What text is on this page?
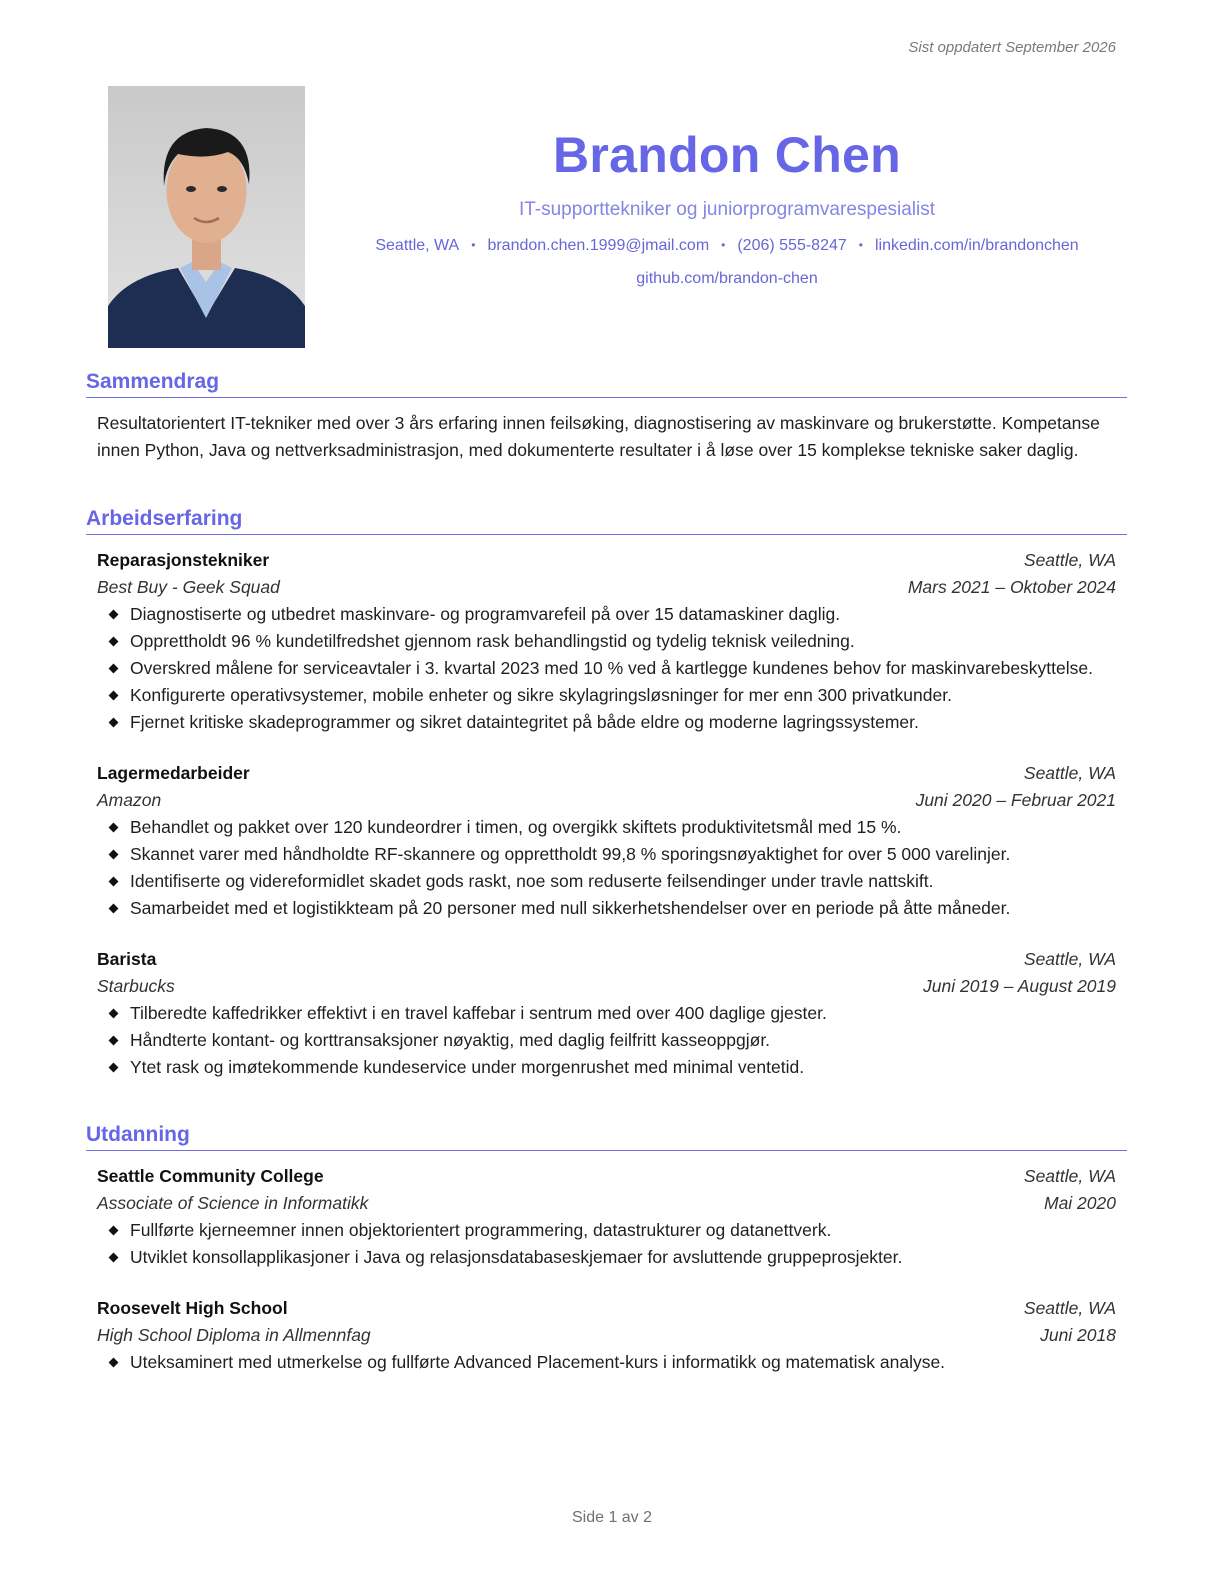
Sist oppdatert September 2026
Brandon Chen
IT-supporttekniker og juniorprogramvarespesialist
Seattle, WA • brandon.chen.1999@jmail.com • (206) 555-8247 • linkedin.com/in/brandonchen
github.com/brandon-chen
Sammendrag
Resultatorientert IT-tekniker med over 3 års erfaring innen feilsøking, diagnostisering av maskinvare og brukerstøtte. Kompetanse innen Python, Java og nettverksadministrasjon, med dokumenterte resultater i å løse over 15 komplekse tekniske saker daglig.
Arbeidserfaring
Reparasjonstekniker	Seattle, WA
Best Buy - Geek Squad	Mars 2021 – Oktober 2024
Diagnostiserte og utbedret maskinvare- og programvarefeil på over 15 datamaskiner daglig.
Opprettholdt 96 % kundetilfredshet gjennom rask behandlingstid og tydelig teknisk veiledning.
Overskred målene for serviceavtaler i 3. kvartal 2023 med 10 % ved å kartlegge kundenes behov for maskinvarebeskyttelse.
Konfigurerte operativsystemer, mobile enheter og sikre skylagringsløsninger for mer enn 300 privatkunder.
Fjernet kritiske skadeprogrammer og sikret dataintegritet på både eldre og moderne lagringssystemer.
Lagermedarbeider	Seattle, WA
Amazon	Juni 2020 – Februar 2021
Behandlet og pakket over 120 kundeordrer i timen, og overgikk skiftets produktivitetsmål med 15 %.
Skannet varer med håndholdte RF-skannere og opprettholdt 99,8 % sporingsnøyaktighet for over 5 000 varelinjer.
Identifiserte og videreformidlet skadet gods raskt, noe som reduserte feilsendinger under travle nattskift.
Samarbeidet med et logistikkteam på 20 personer med null sikkerhetshendelser over en periode på åtte måneder.
Barista	Seattle, WA
Starbucks	Juni 2019 – August 2019
Tilberedte kaffedrikker effektivt i en travel kaffebar i sentrum med over 400 daglige gjester.
Håndterte kontant- og korttransaksjoner nøyaktig, med daglig feilfritt kasseoppgjør.
Ytet rask og imøtekommende kundeservice under morgenrushet med minimal ventetid.
Utdanning
Seattle Community College	Seattle, WA
Associate of Science in Informatikk	Mai 2020
Fullførte kjerneemner innen objektorientert programmering, datastrukturer og datanettverk.
Utviklet konsollapplikasjoner i Java og relasjonsdatabaseskjemaer for avsluttende gruppeprosjekter.
Roosevelt High School	Seattle, WA
High School Diploma in Allmennfag	Juni 2018
Uteksaminert med utmerkelse og fullførte Advanced Placement-kurs i informatikk og matematisk analyse.
Side 1 av 2
